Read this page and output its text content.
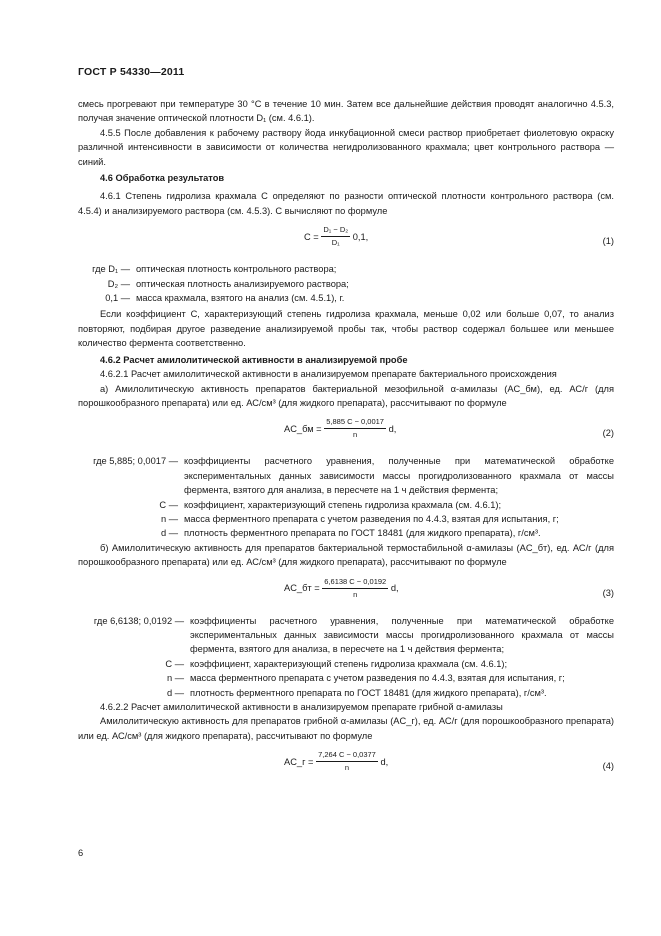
ГОСТ Р 54330—2011

смесь прогревают при температуре 30 °С в течение 10 мин. Затем все дальнейшие действия проводят аналогично 4.5.3, получая значение оптической плотности D₁ (см. 4.6.1).

4.5.5 После добавления к рабочему раствору йода инкубационной смеси раствор приобретает фиолетовую окраску различной интенсивности в зависимости от количества негидролизованного крахмала; цвет контрольного раствора — синий.

4.6 Обработка результатов

4.6.1 Степень гидролиза крахмала C определяют по разности оптической плотности контрольного раствора (см. 4.5.4) и анализируемого раствора (см. 4.5.3). C вычисляют по формуле

$C = \frac{\text{D₁ − D₂}}{\text{D₁}} 0,1$,	(1)
где D₁ — оптическая плотность контрольного раствора;
D₂ — оптическая плотность анализируемого раствора;
0,1 — масса крахмала, взятого на анализ (см. 4.5.1), г.

Если коэффициент C, характеризующий степень гидролиза крахмала, меньше 0,02 или больше 0,07, то анализ повторяют, подбирая другое разведение анализируемой пробы так, чтобы раствор содержал большее или меньшее количество фермента соответственно.

4.6.2 Расчет амилолитической активности в анализируемой пробе

4.6.2.1 Расчет амилолитической активности в анализируемом препарате бактериального происхождения

а) Амилолитическую активность препаратов бактериальной мезофильной α-амилазы (AC_бм), ед. АС/г (для порошкообразного препарата) или ед. АС/см³ (для жидкого препарата), рассчитывают по формуле

AC_бм = $\frac{5,885 C - 0,0017}{n} d$,	(2)
где 5,885; 0,0017 — коэффициенты расчетного уравнения, полученные при математической обработке экспериментальных данных зависимости массы прогидролизованного крахмала от массы фермента, взятого для анализа, в пересчете на 1 ч действия фермента;
C — коэффициент, характеризующий степень гидролиза крахмала (см. 4.6.1);
n — масса ферментного препарата с учетом разведения по 4.4.3, взятая для испытания, г;
d — плотность ферментного препарата по ГОСТ 18481 (для жидкого препарата), г/см³.

б) Амилолитическую активность для препаратов бактериальной термостабильной α-амилазы (AC_бт), ед. АС/г (для порошкообразного препарата) или ед. АС/см³ (для жидкого препарата), рассчитывают по формуле

AC_бт = $\frac{6,6138 C - 0,0192}{n} d$,	(3)
где 6,6138; 0,0192 — коэффициенты расчетного уравнения, полученные при математической обработке экспериментальных данных зависимости массы прогидролизованного крахмала от массы фермента, взятого для анализа, в пересчете на 1 ч действия фермента;
C — коэффициент, характеризующий степень гидролиза крахмала (см. 4.6.1);
n — масса ферментного препарата с учетом разведения по 4.4.3, взятая для испытания, г;
d — плотность ферментного препарата по ГОСТ 18481 (для жидкого препарата), г/см³.

4.6.2.2 Расчет амилолитической активности в анализируемом препарате грибной α-амилазы

Амилолитическую активность для препаратов грибной α-амилазы (AC_г), ед. АС/г (для порошкообразного препарата) или ед. АС/см³ (для жидкого препарата), рассчитывают по формуле

AC_г = $\frac{7,264 C - 0,0377}{n} d$,	(4)
6
